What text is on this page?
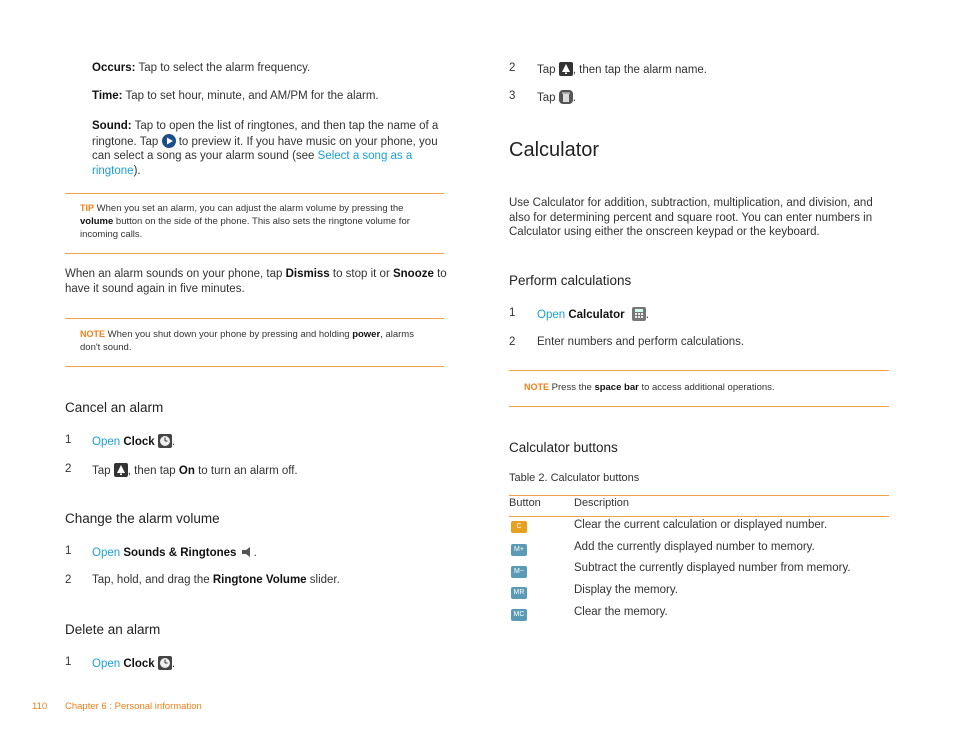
Occurs: Tap to select the alarm frequency.
Time: Tap to set hour, minute, and AM/PM for the alarm.
Sound: Tap to open the list of ringtones, and then tap the name of a
ringtone. Tap to preview it. If you have music on your phone, you
can select a song as your alarm sound (see Select a song as a
ringtone).
TIP When you set an alarm, you can adjust the alarm volume by pressing the
volume button on the side of the phone. This also sets the ringtone volume for
incoming calls.
When an alarm sounds on your phone, tap Dismiss to stop it or Snooze to
have it sound again in five minutes.
NOTE When you shut down your phone by pressing and holding power, alarms
don't sound.
Cancel an alarm
1 Open Clock .
2 Tap , then tap On to turn an alarm off.
Change the alarm volume
1 Open Sounds & Ringtones .
2 Tap, hold, and drag the Ringtone Volume slider.
Delete an alarm
1 Open Clock .
110 Chapter 6 : Personal information
2 Tap , then tap the alarm name.
3 Tap .
Calculator
Use Calculator for addition, subtraction, multiplication, and division, and
also for determining percent and square root. You can enter numbers in
Calculator using either the onscreen keypad or the keyboard.
Perform calculations
1 Open Calculator .
2 Enter numbers and perform calculations.
NOTE Press the space bar to access additional operations.
Calculator buttons
Table 2. Calculator buttons
Button	Description
C	Clear the current calculation or displayed number.
M+	Add the currently displayed number to memory.
M−	Subtract the currently displayed number from memory.
MR	Display the memory.
MC	Clear the memory.
